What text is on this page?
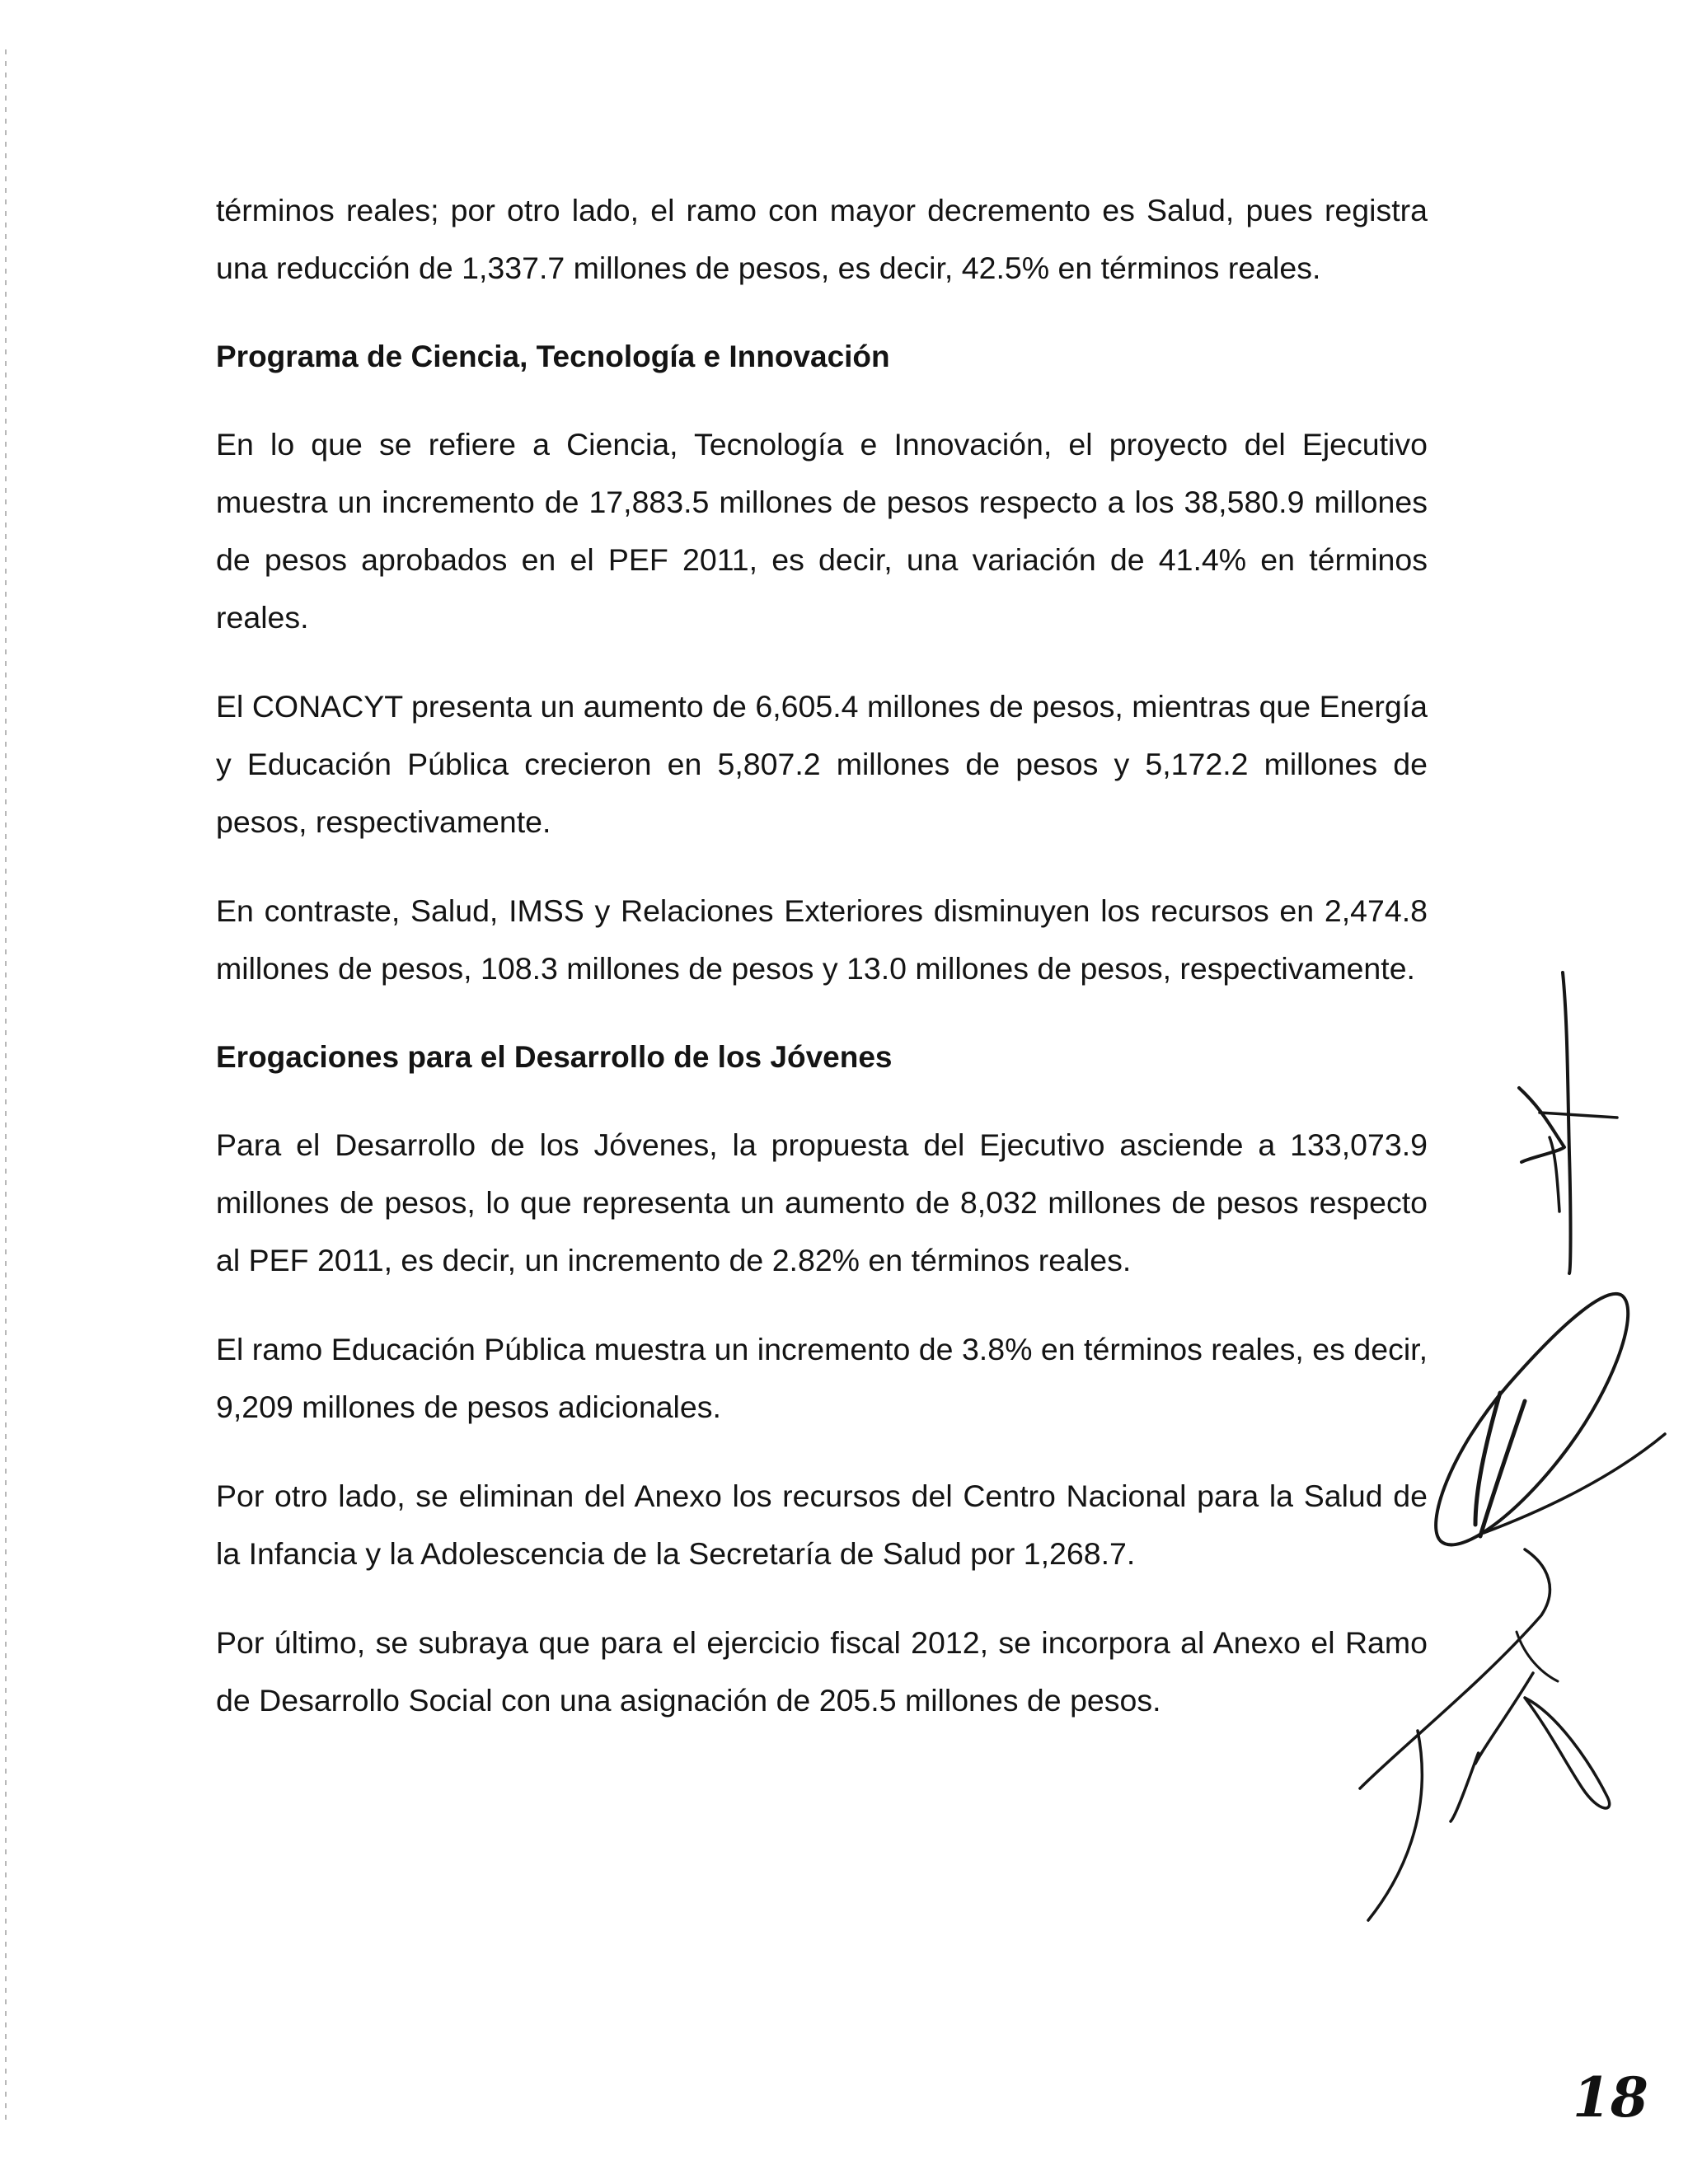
términos reales; por otro lado, el ramo con mayor decremento es Salud, pues registra una reducción de 1,337.7 millones de pesos, es decir, 42.5% en términos reales.

Programa de Ciencia, Tecnología e Innovación

En lo que se refiere a Ciencia, Tecnología e Innovación, el proyecto del Ejecutivo muestra un incremento de 17,883.5 millones de pesos respecto a los 38,580.9 millones de pesos aprobados en el PEF 2011, es decir, una variación de 41.4% en términos reales.

El CONACYT presenta un aumento de 6,605.4 millones de pesos, mientras que Energía y Educación Pública crecieron en 5,807.2 millones de pesos y 5,172.2 millones de pesos, respectivamente.

En contraste, Salud, IMSS y Relaciones Exteriores disminuyen los recursos en 2,474.8 millones de pesos, 108.3 millones de pesos y 13.0 millones de pesos, respectivamente.

Erogaciones para el Desarrollo de los Jóvenes

Para el Desarrollo de los Jóvenes, la propuesta del Ejecutivo asciende a 133,073.9 millones de pesos, lo que representa un aumento de 8,032 millones de pesos respecto al PEF 2011, es decir, un incremento de 2.82% en términos reales.

El ramo Educación Pública muestra un incremento de 3.8% en términos reales, es decir, 9,209 millones de pesos adicionales.

Por otro lado, se eliminan del Anexo los recursos del Centro Nacional para la Salud de la Infancia y la Adolescencia de la Secretaría de Salud por 1,268.7.

Por último, se subraya que para el ejercicio fiscal 2012, se incorpora al Anexo el Ramo de Desarrollo Social con una asignación de 205.5 millones de pesos.

18
